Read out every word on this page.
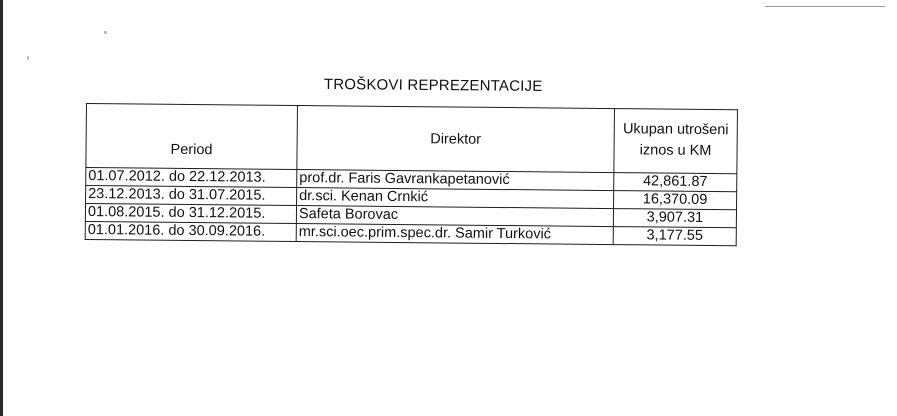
TROŠKOVI REPREZENTACIJE
Period	Direktor	Ukupan utrošeni iznos u KM
01.07.2012. do 22.12.2013.	prof.dr. Faris Gavrankapetanović	42,861.87
23.12.2013. do 31.07.2015.	dr.sci. Kenan Crnkić	16,370.09
01.08.2015. do 31.12.2015.	Safeta Borovac	3,907.31
01.01.2016. do 30.09.2016.	mr.sci.oec.prim.spec.dr. Samir Turković	3,177.55
